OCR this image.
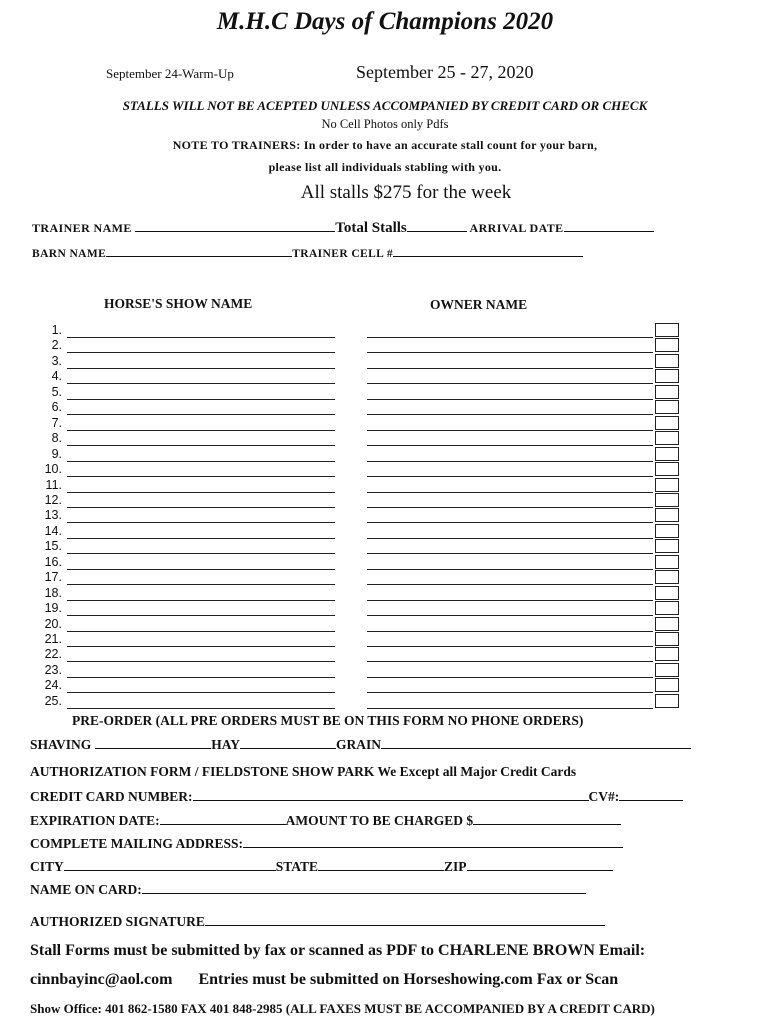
M.H.C Days of Champions 2020
September 24-Warm-Up	September 25 - 27, 2020
STALLS WILL NOT BE ACEPTED UNLESS ACCOMPANIED BY CREDIT CARD OR CHECK
No Cell Photos only Pdfs
NOTE TO TRAINERS: In order to have an accurate stall count for your barn,
please list all individuals stabling with you.
All stalls $275 for the week
TRAINER NAME	Total Stalls	ARRIVAL DATE
BARN NAME	TRAINER CELL #
HORSE'S SHOW NAME	OWNER NAME
1.
2.
3.
4.
5.
6.
7.
8.
9.
10.
11.
12.
13.
14.
15.
16.
17.
18.
19.
20.
21.
22.
23.
24.
25.
PRE-ORDER (ALL PRE ORDERS MUST BE ON THIS FORM NO PHONE ORDERS)
SHAVING	HAY	GRAIN
AUTHORIZATION FORM / FIELDSTONE SHOW PARK We Except all Major Credit Cards
CREDIT CARD NUMBER:	CV#:
EXPIRATION DATE:	AMOUNT TO BE CHARGED $
COMPLETE MAILING ADDRESS:
CITY	STATE	ZIP
NAME ON CARD:
AUTHORIZED SIGNATURE
Stall Forms must be submitted by fax or scanned as PDF to CHARLENE BROWN Email:
cinnbayinc@aol.com Entries must be submitted on Horseshowing.com Fax or Scan
Show Office: 401 862-1580 FAX 401 848-2985 (ALL FAXES MUST BE ACCOMPANIED BY A CREDIT CARD)
